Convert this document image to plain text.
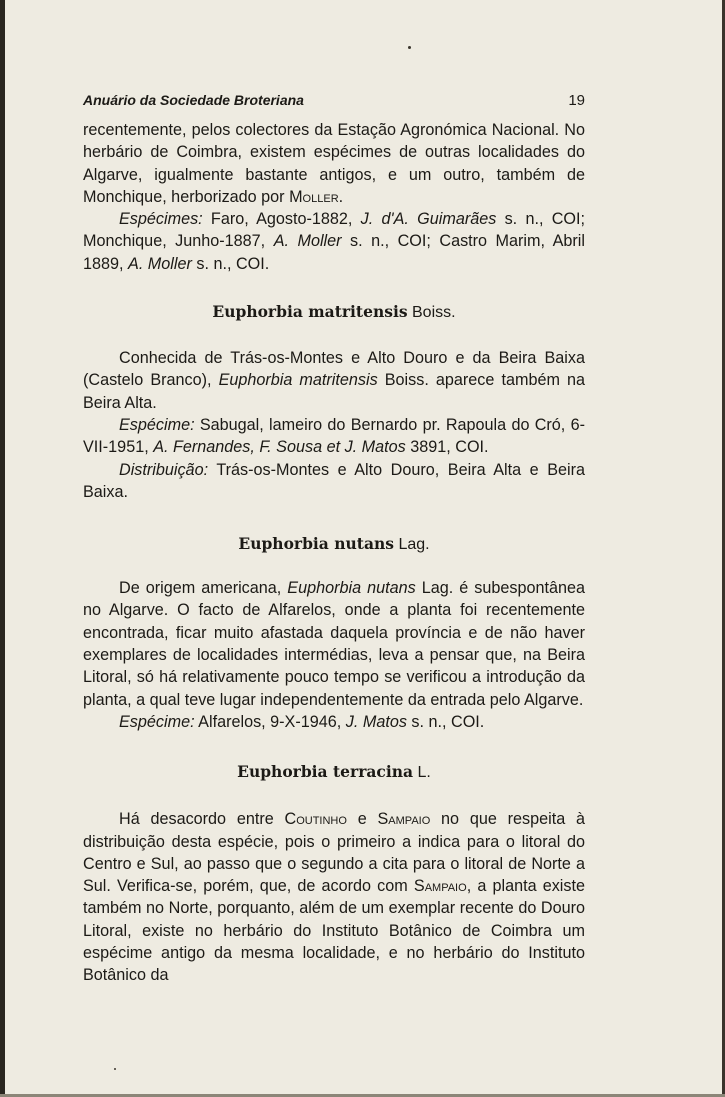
Anuário da Sociedade Broteriana	19

recentemente, pelos colectores da Estação Agronómica Nacional. No herbário de Coimbra, existem espécimes de outras localidades do Algarve, igualmente bastante antigos, e um outro, também de Monchique, herborizado por Moller.

Espécimes: Faro, Agosto-1882, J. d'A. Guimarães s. n., COI; Monchique, Junho-1887, A. Moller s. n., COI; Castro Marim, Abril 1889, A. Moller s. n., COI.

Euphorbia matritensis Boiss.

Conhecida de Trás-os-Montes e Alto Douro e da Beira Baixa (Castelo Branco), Euphorbia matritensis Boiss. aparece também na Beira Alta.

Espécime: Sabugal, lameiro do Bernardo pr. Rapoula do Cró, 6-VII-1951, A. Fernandes, F. Sousa et J. Matos 3891, COI.

Distribuição: Trás-os-Montes e Alto Douro, Beira Alta e Beira Baixa.

Euphorbia nutans Lag.

De origem americana, Euphorbia nutans Lag. é subespontânea no Algarve. O facto de Alfarelos, onde a planta foi recentemente encontrada, ficar muito afastada daquela província e de não haver exemplares de localidades intermédias, leva a pensar que, na Beira Litoral, só há relativamente pouco tempo se verificou a introdução da planta, a qual teve lugar independentemente da entrada pelo Algarve.

Espécime: Alfarelos, 9-X-1946, J. Matos s. n., COI.

Euphorbia terracina L.

Há desacordo entre Coutinho e Sampaio no que respeita à distribuição desta espécie, pois o primeiro a indica para o litoral do Centro e Sul, ao passo que o segundo a cita para o litoral de Norte a Sul. Verifica-se, porém, que, de acordo com Sampaio, a planta existe também no Norte, porquanto, além de um exemplar recente do Douro Litoral, existe no herbário do Instituto Botânico de Coimbra um espécime antigo da mesma localidade, e no herbário do Instituto Botânico da
